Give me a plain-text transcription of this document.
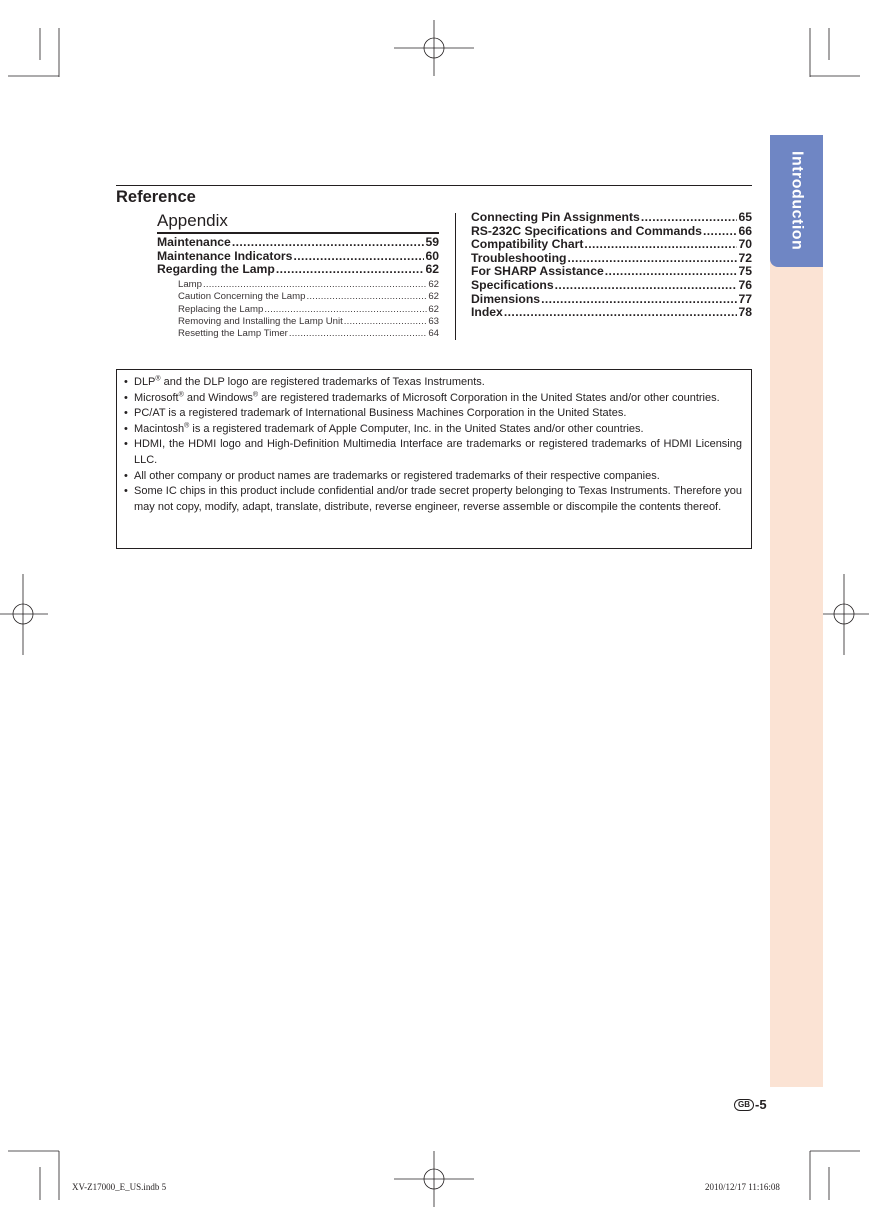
Introduction
Reference
Appendix
Maintenance .....	59
Maintenance Indicators .....	60
Regarding the Lamp .....	62
Lamp .....	62
Caution Concerning the Lamp .....	62
Replacing the Lamp .....	62
Removing and Installing the Lamp Unit .....	63
Resetting the Lamp Timer .....	64
Connecting Pin Assignments .....	65
RS-232C Specifications and Commands .....	66
Compatibility Chart .....	70
Troubleshooting .....	72
For SHARP Assistance .....	75
Specifications .....	76
Dimensions .....	77
Index .....	78
• DLP® and the DLP logo are registered trademarks of Texas Instruments.
• Microsoft® and Windows® are registered trademarks of Microsoft Corporation in the United States and/or other countries.
• PC/AT is a registered trademark of International Business Machines Corporation in the United States.
• Macintosh® is a registered trademark of Apple Computer, Inc. in the United States and/or other countries.
• HDMI, the HDMI logo and High-Definition Multimedia Interface are trademarks or registered trademarks of HDMI Licensing LLC.
• All other company or product names are trademarks or registered trademarks of their respective companies.
• Some IC chips in this product include confidential and/or trade secret property belonging to Texas Instruments. Therefore you may not copy, modify, adapt, translate, distribute, reverse engineer, reverse assemble or discompile the contents thereof.
GB -5
XV-Z17000_E_US.indb 5	2010/12/17 11:16:08
